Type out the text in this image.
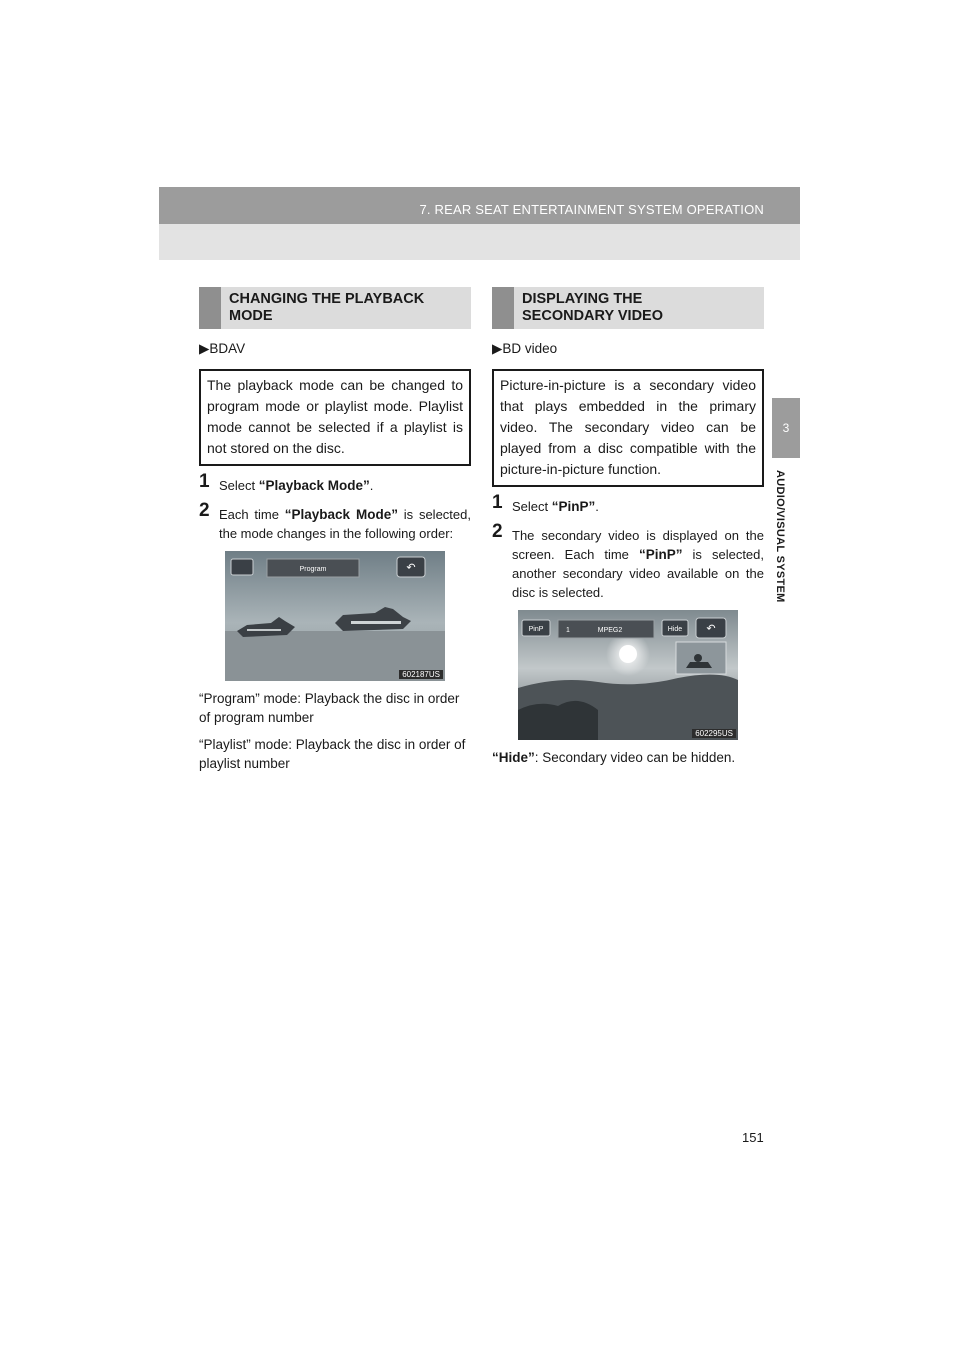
7. REAR SEAT ENTERTAINMENT SYSTEM OPERATION
3
AUDIO/VISUAL SYSTEM
CHANGING THE PLAYBACK
MODE
▶BDAV
The playback mode can be changed to program mode or playlist mode. Playlist mode cannot be selected if a playlist is not stored on the disc.
1 Select “Playback Mode”.
2 Each time “Playback Mode” is selected, the mode changes in the following order:
Program	↶
602187US
“Program” mode: Playback the disc in order of program number
“Playlist” mode: Playback the disc in order of playlist number
DISPLAYING THE
SECONDARY VIDEO
▶BD video
Picture-in-picture is a secondary video that plays embedded in the primary video. The secondary video can be played from a disc compatible with the picture-in-picture function.
1 Select “PinP”.
2 The secondary video is displayed on the screen. Each time “PinP” is selected, another secondary video available on the disc is selected.
PinP	1	MPEG2	Hide ↶
602295US
“Hide”: Secondary video can be hidden.
151
